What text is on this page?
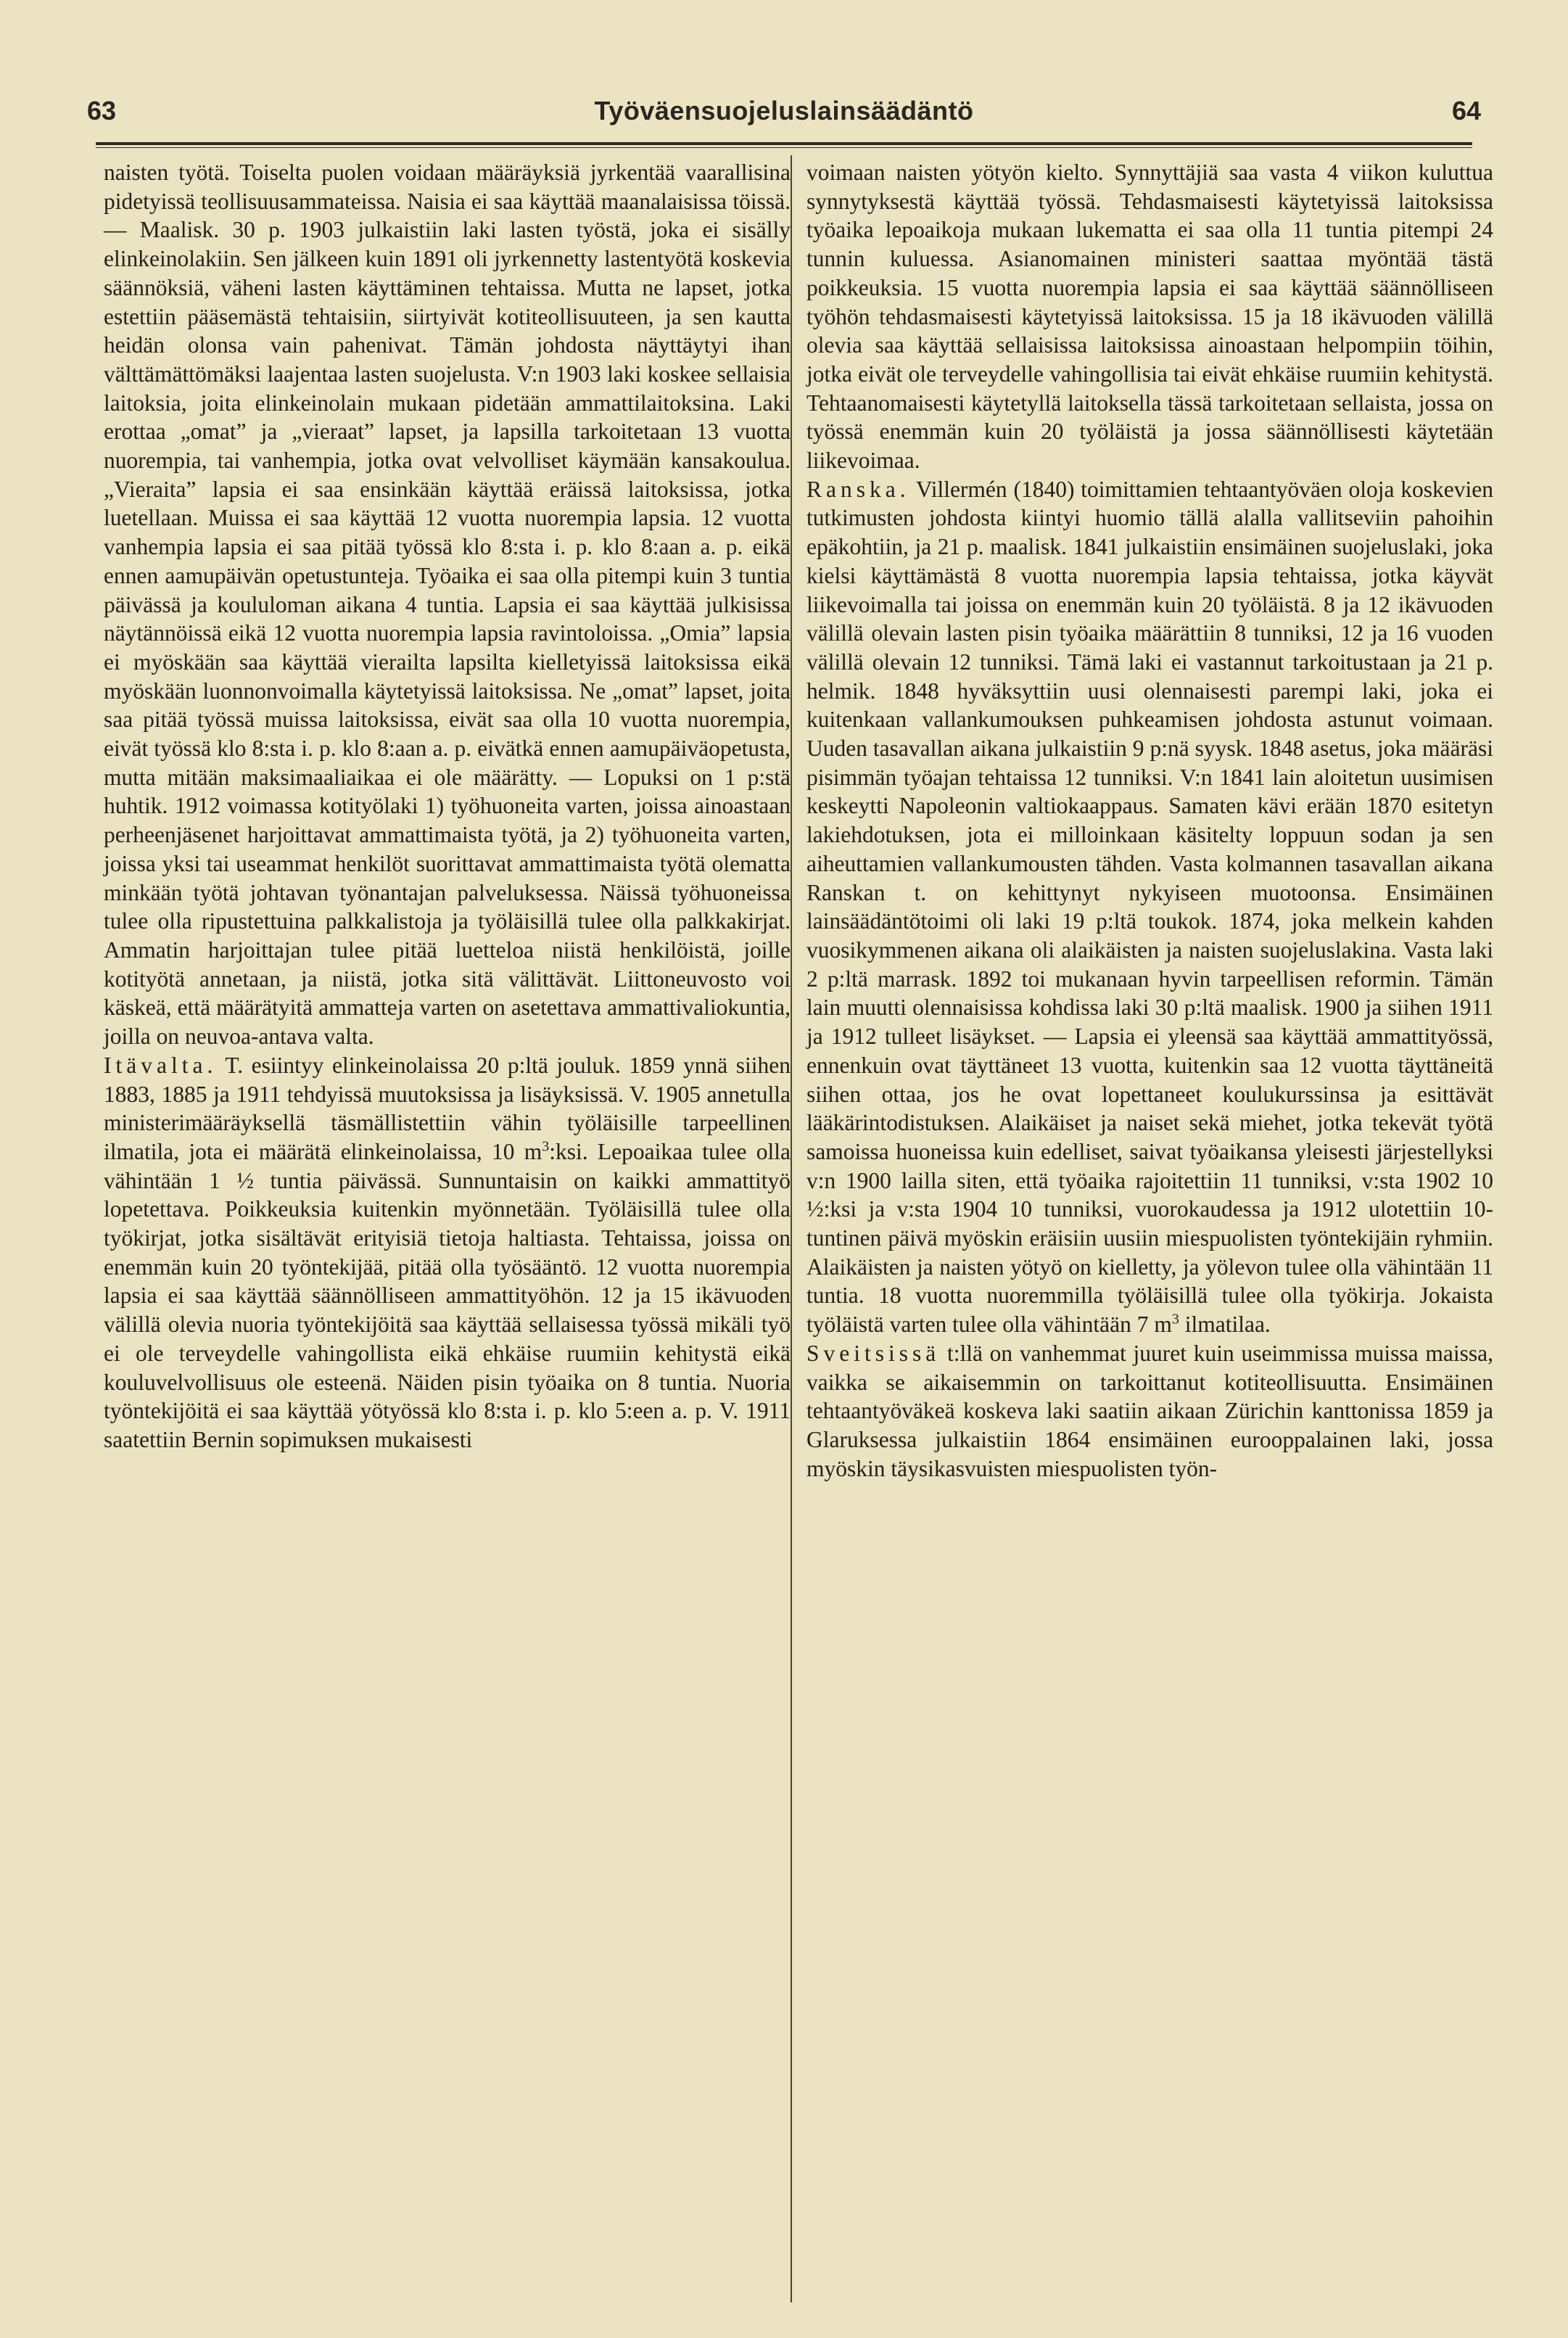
63	Työväensuojeluslainsäädäntö	64

naisten työtä. Toiselta puolen voidaan määräyksiä jyrkentää vaarallisina pidetyissä teollisuusammateissa. Naisia ei saa käyttää maanalaisissa töissä. — Maalisk. 30 p. 1903 julkaistiin laki lasten työstä, joka ei sisälly elinkeinolakiin. Sen jälkeen kuin 1891 oli jyrkennetty lastentyötä koskevia säännöksiä, väheni lasten käyttäminen tehtaissa. Mutta ne lapset, jotka estettiin pääsemästä tehtaisiin, siirtyivät kotiteollisuuteen, ja sen kautta heidän olonsa vain pahenivat. Tämän johdosta näyttäytyi ihan välttämättömäksi laajentaa lasten suojelusta. V:n 1903 laki koskee sellaisia laitoksia, joita elinkeinolain mukaan pidetään ammattilaitoksina. Laki erottaa „omat” ja „vieraat” lapset, ja lapsilla tarkoitetaan 13 vuotta nuorempia, tai vanhempia, jotka ovat velvolliset käymään kansakoulua. „Vieraita” lapsia ei saa ensinkään käyttää eräissä laitoksissa, jotka luetellaan. Muissa ei saa käyttää 12 vuotta nuorempia lapsia. 12 vuotta vanhempia lapsia ei saa pitää työssä klo 8:sta i. p. klo 8:aan a. p. eikä ennen aamupäivän opetustunteja. Työaika ei saa olla pitempi kuin 3 tuntia päivässä ja koululoman aikana 4 tuntia. Lapsia ei saa käyttää julkisissa näytännöissä eikä 12 vuotta nuorempia lapsia ravintoloissa. „Omia” lapsia ei myöskään saa käyttää vierailta lapsilta kielletyissä laitoksissa eikä myöskään luonnonvoimalla käytetyissä laitoksissa. Ne „omat” lapset, joita saa pitää työssä muissa laitoksissa, eivät saa olla 10 vuotta nuorempia, eivät työssä klo 8:sta i. p. klo 8:aan a. p. eivätkä ennen aamupäiväopetusta, mutta mitään maksimaaliaikaa ei ole määrätty. — Lopuksi on 1 p:stä huhtik. 1912 voimassa kotityölaki 1) työhuoneita varten, joissa ainoastaan perheenjäsenet harjoittavat ammattimaista työtä, ja 2) työhuoneita varten, joissa yksi tai useammat henkilöt suorittavat ammattimaista työtä olematta minkään työtä johtavan työnantajan palveluksessa. Näissä työhuoneissa tulee olla ripustettuina palkkalistoja ja työläisillä tulee olla palkkakirjat. Ammatin harjoittajan tulee pitää luetteloa niistä henkilöistä, joille kotityötä annetaan, ja niistä, jotka sitä välittävät. Liittoneuvosto voi käskeä, että määrätyitä ammatteja varten on asetettava ammattivaliokuntia, joilla on neuvoa-antava valta.

Itävalta. T. esiintyy elinkeinolaissa 20 p:ltä jouluk. 1859 ynnä siihen 1883, 1885 ja 1911 tehdyissä muutoksissa ja lisäyksissä. V. 1905 annetulla ministerimääräyksellä täsmällistettiin vähin työläisille tarpeellinen ilmatila, jota ei määrätä elinkeinolaissa, 10 $m^3:ksi$. Lepoaikaa tulee olla vähintään 1 ½ tuntia päivässä. Sunnuntaisin on kaikki ammattityö lopetettava. Poikkeuksia kuitenkin myönnetään. Työläisillä tulee olla työkirjat, jotka sisältävät erityisiä tietoja haltiasta. Tehtaissa, joissa on enemmän kuin 20 työntekijää, pitää olla työsääntö. 12 vuotta nuorempia lapsia ei saa käyttää säännölliseen ammattityöhön. 12 ja 15 ikävuoden välillä olevia nuoria työntekijöitä saa käyttää sellaisessa työssä mikäli työ ei ole terveydelle vahingollista eikä ehkäise ruumiin kehitystä eikä kouluvelvollisuus ole esteenä. Näiden pisin työaika on 8 tuntia. Nuoria työntekijöitä ei saa käyttää yötyössä klo 8:sta i. p. klo 5:een a. p. V. 1911 saatettiin Bernin sopimuksen mukaisesti

voimaan naisten yötyön kielto. Synnyttäjiä saa vasta 4 viikon kuluttua synnytyksestä käyttää työssä. Tehdasmaisesti käytetyissä laitoksissa työaika lepoaikoja mukaan lukematta ei saa olla 11 tuntia pitempi 24 tunnin kuluessa. Asianomainen ministeri saattaa myöntää tästä poikkeuksia. 15 vuotta nuorempia lapsia ei saa käyttää säännölliseen työhön tehdasmaisesti käytetyissä laitoksissa. 15 ja 18 ikävuoden välillä olevia saa käyttää sellaisissa laitoksissa ainoastaan helpompiin töihin, jotka eivät ole terveydelle vahingollisia tai eivät ehkäise ruumiin kehitystä. Tehtaanomaisesti käytetyllä laitoksella tässä tarkoitetaan sellaista, jossa on työssä enemmän kuin 20 työläistä ja jossa säännöllisesti käytetään liikevoimaa.

Ranska. Villermén (1840) toimittamien tehtaantyöväen oloja koskevien tutkimusten johdosta kiintyi huomio tällä alalla vallitseviin pahoihin epäkohtiin, ja 21 p. maalisk. 1841 julkaistiin ensimäinen suojeluslaki, joka kielsi käyttämästä 8 vuotta nuorempia lapsia tehtaissa, jotka käyvät liikevoimalla tai joissa on enemmän kuin 20 työläistä. 8 ja 12 ikävuoden välillä olevain lasten pisin työaika määrättiin 8 tunniksi, 12 ja 16 vuoden välillä olevain 12 tunniksi. Tämä laki ei vastannut tarkoitustaan ja 21 p. helmik. 1848 hyväksyttiin uusi olennaisesti parempi laki, joka ei kuitenkaan vallankumouksen puhkeamisen johdosta astunut voimaan. Uuden tasavallan aikana julkaistiin 9 p:nä syysk. 1848 asetus, joka määräsi pisimmän työajan tehtaissa 12 tunniksi. V:n 1841 lain aloitetun uusimisen keskeytti Napoleonin valtiokaappaus. Samaten kävi erään 1870 esitetyn lakiehdotuksen, jota ei milloinkaan käsitelty loppuun sodan ja sen aiheuttamien vallankumousten tähden. Vasta kolmannen tasavallan aikana Ranskan t. on kehittynyt nykyiseen muotoonsa. Ensimäinen lainsäädäntötoimi oli laki 19 p:ltä toukok. 1874, joka melkein kahden vuosikymmenen aikana oli alaikäisten ja naisten suojeluslakina. Vasta laki 2 p:ltä marrask. 1892 toi mukanaan hyvin tarpeellisen reformin. Tämän lain muutti olennaisissa kohdissa laki 30 p:ltä maalisk. 1900 ja siihen 1911 ja 1912 tulleet lisäykset. — Lapsia ei yleensä saa käyttää ammattityössä, ennenkuin ovat täyttäneet 13 vuotta, kuitenkin saa 12 vuotta täyttäneitä siihen ottaa, jos he ovat lopettaneet koulukurssinsa ja esittävät lääkärintodistuksen. Alaikäiset ja naiset sekä miehet, jotka tekevät työtä samoissa huoneissa kuin edelliset, saivat työaikansa yleisesti järjestellyksi v:n 1900 lailla siten, että työaika rajoitettiin 11 tunniksi, v:sta 1902 10 ½:ksi ja v:sta 1904 10 tunniksi, vuorokaudessa ja 1912 ulotettiin 10-tuntinen päivä myöskin eräisiin uusiin miespuolisten työntekijäin ryhmiin. Alaikäisten ja naisten yötyö on kielletty, ja yölevon tulee olla vähintään 11 tuntia. 18 vuotta nuoremmilla työläisillä tulee olla työkirja. Jokaista työläistä varten tulee olla vähintään 7 $m^3$ ilmatilaa.

Sveitsissä t:llä on vanhemmat juuret kuin useimmissa muissa maissa, vaikka se aikaisemmin on tarkoittanut kotiteollisuutta. Ensimäinen tehtaantyöväkeä koskeva laki saatiin aikaan Zürichin kanttonissa 1859 ja Glaruksessa julkaistiin 1864 ensimäinen eurooppalainen laki, jossa myöskin täysikasvuisten miespuolisten työn-
